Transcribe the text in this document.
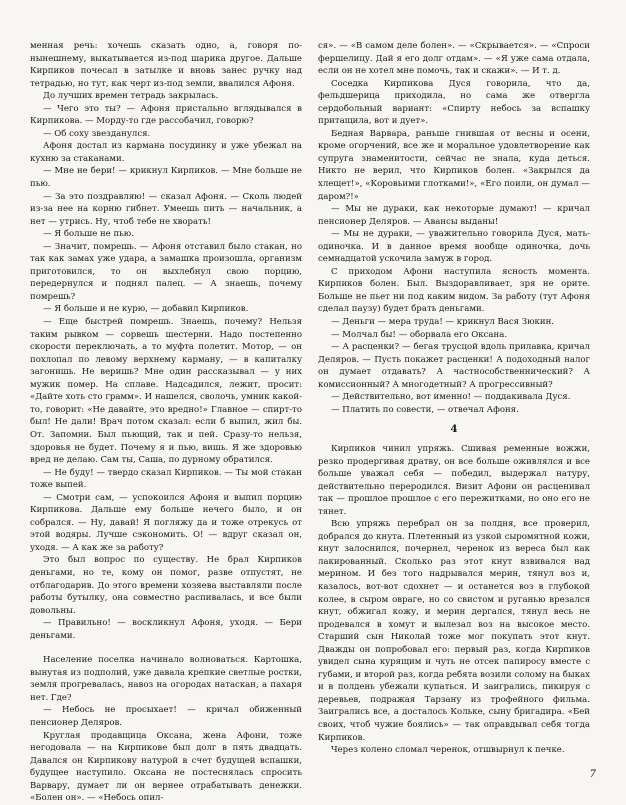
менная речь: хочешь сказать одно, а, говоря по-нынешнему, выкатывается из-под шарика другое. Дальше Кирпиков почесал в затылке и вновь занес ручку над тетрадью, но тут, как черт из-под земли, ввалился Афоня.

До лучших времен тетрадь закрылась.

— Чего это ты? — Афоня пристально вглядывался в Кирпикова. — Мордy-то где рассобачил, говорю?

— Об соху звезданулся.

Афоня достал из кармана посудинку и уже убежал на кухню за стаканами.

— Мне не бери! — крикнул Кирпиков. — Мне больше не пью.

— За это поздравляю! — сказал Афоня. — Сколь людей из-за нее на корню гибнет. Умеешь пить — начальник, а нет — утрись. Ну, чтоб тебе не хворать!

— Я больше не пью.

— Значит, помрешь. — Афоня отставил было стакан, но так как замах уже удара, а замашка произошла, организм приготовился, то он выхлебнул свою порцию, передернулся и поднял палец. — А знаешь, почему помрешь?

— Я больше и не курю, — добавил Кирпиков.

— Еще быстрей помрешь. Знаешь, почему? Нельзя таким рывком — сорвешь шестерни. Надо постепенно скорости переключать, а то муфта полетит. Мотор, — он похлопал по левому верхнему карману, — в капиталку загонишь. Не веришь? Мне один рассказывал — у них мужик помер. На сплаве. Надсадился, лежит, просит: «Дайте хоть сто грамм». И нашелся, сволочь, умник какой-то, говорит: «Не давайте, это вредно!» Главное — спирт-то был! Не дали! Врач потом сказал: если б выпил, жил бы. От. Запомни. Был пьющий, так и пей. Сразу-то нельзя, здоровья не будет. Почему я и пью, вишь. Я же здоровью вред не делаю. Сам ты, Саша, по дурному обратился.

— Не буду! — твердо сказал Кирпиков. — Ты мой стакан тоже выпей.

— Смотри сам, — успокоился Афоня и выпил порцию Кирпикова. Дальше ему больше нечего было, и он собрался. — Ну, давай! Я погляжу да и тоже отрекусь от этой водяры. Лучше сэкономить. О! — вдруг сказал он, уходя. — А как же за работу?

Это был вопрос по существу. Не брал Кирпиков деньгами, но те, кому он помог, разве отпустят, не отблагодарив. До этого времени хозяева выставляли после работы бутылку, она совместно распивалась, и все были довольны.

— Правильно! — воскликнул Афоня, уходя. — Бери деньгами.

Население поселка начинало волноваться. Картошка, вынутая из подполий, уже давала крепкие светлые ростки, земля прогревалась, навоз на огородах натаскан, а пахаря нет. Где?

— Небось не просыхает! — кричал обиженный пенсионер Деляров.

Круглая продавщица Оксана, жена Афони, тоже негодовала — на Кирпикове был долг в пять двадцать. Давался он Кирпикову натурой в счет будущей вспашки, будущее наступило. Оксана не постеснялась спросить Варвару, думает ли он вернее отрабатывать денежки. «Болен он». — «Небось опил-

ся». — «В самом деле болен». — «Скрывается». — «Спроси фершелицу. Дай я его долг отдам». — «Я уже сама отдала, если он не хотел мне помочь, так и скажи». — И т. д.

Соседка Кирпикова Дуся говорила, что да, фельдшерица приходила, но сама же отвергла сердобольный вариант: «Спирту небось за вспашку притащила, вот и дует».

Бедная Варвара, раньше гнившая от весны и осени, кроме огорчений, все же и моральное удовлетворение как супруга знаменитости, сейчас не знала, куда деться. Никто не верил, что Кирпиков болен. «Закрылся да хлещет!», «Коровьими глотками!», «Его поили, он думал — даром?!»

— Мы не дураки, как некоторые думают! — кричал пенсионер Деляров. — Авансы выданы!

— Мы не дураки, — уважительно говорила Дуся, мать-одиночка. И в данное время вообще одиночка, дочь семнадцатой ускочила замуж в город.

С приходом Афони наступила ясность момента. Кирпиков болен. Был. Выздоравливает, зря не орите. Больше не пьет ни под каким видом. За работу (тут Афоня сделал паузу) будет брать деньгами.

— Деньги — мера труда! — крикнул Вася Зюкин.

— Молчал бы! — оборвала его Оксана.

— А расценки? — бегая трусцой вдоль прилавка, кричал Деляров. — Пусть покажет расценки! А подоходный налог он думает отдавать? А частнособственнический? А комиссионный? А многодетный? А прогрессивный?

— Действительно, вот именно! — поддакивала Дуся.

— Платить по совести, — отвечал Афоня.

4

Кирпиков чинил упряжь. Сшивая ременные вожжи, резко продергивая дратву, он все больше оживлялся и все больше уважал себя — победил, выдержал натуру, действительно переродился. Визит Афони он расценивал так — прошлое прошлое с его пережитками, но оно его не тянет.

Всю упряжь перебрал он за полдня, все проверил, добрался до кнута. Плетенный из узкой сыромятной кожи, кнут залоснился, почернел, черенок из вереса был как лакированный. Сколько раз этот кнут взвивался над мерином. И без того надрывался мерин, тянул воз и, казалось, вот-вот сдохнет — и останется воз в глубокой колее, в сыром овраге, но со свистом и руганью врезался кнут, обжигал кожу, и мерин дергался, тянул весь не продевался в хомут и вылезал воз на высокое место. Старший сын Николай тоже мог покупать этот кнут. Дважды он попробовал его: первый раз, когда Кирпиков увидел сына курящим и чуть не отсек папиросу вместе с губами, и второй раз, когда ребята возили солому на быках и в полдень убежали купаться. И заигрались, пикируя с деревьев, подражая Тарзану из трофейного фильма. Заигрались все, а досталось Кольке, сыну бригадира. «Бей своих, чтоб чужие боялись» — так оправдывал себя тогда Кирпиков.

Через колено сломал черенок, отшвырнул к печке.

7
